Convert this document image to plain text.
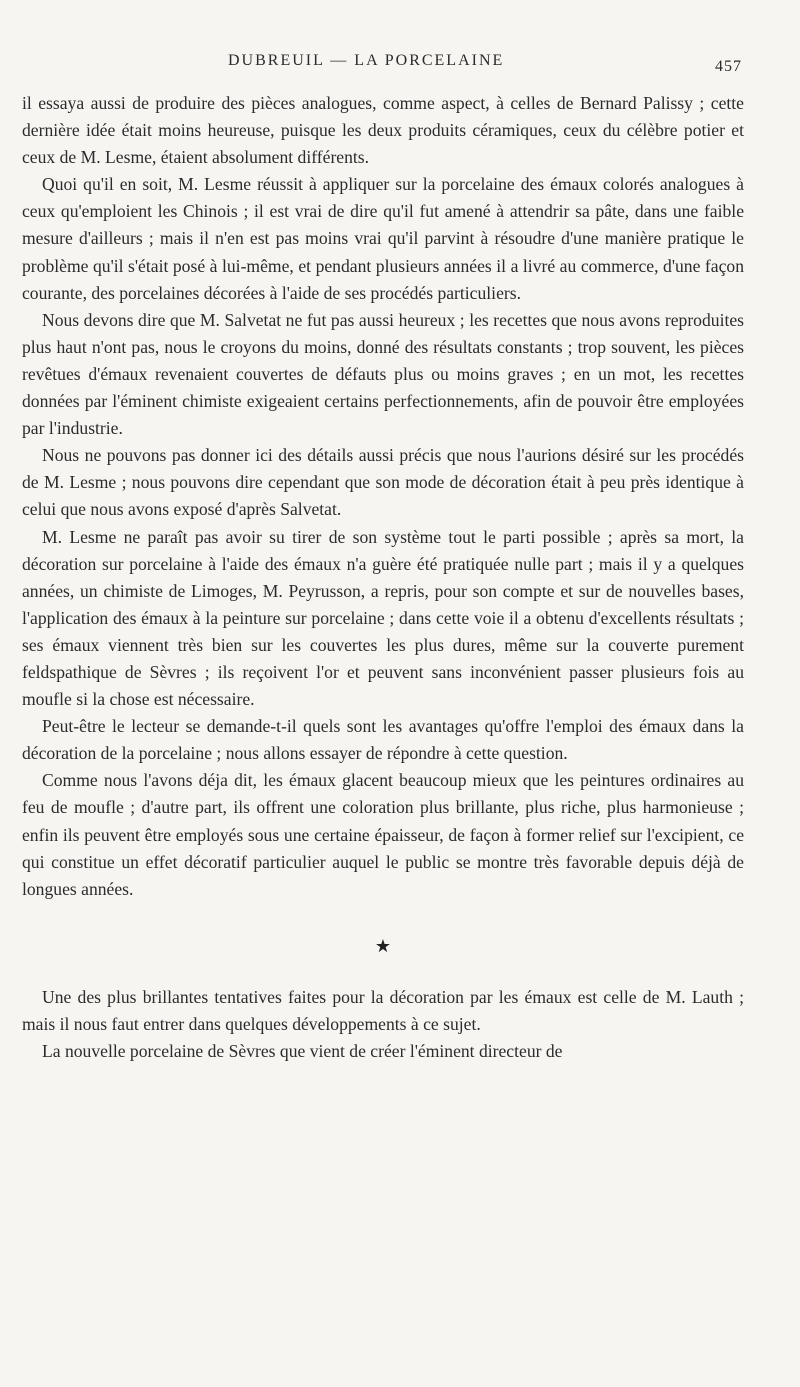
DUBREUIL — LA PORCELAINE	457

il essaya aussi de produire des pièces analogues, comme aspect, à celles de Bernard Palissy ; cette dernière idée était moins heureuse, puisque les deux produits céramiques, ceux du célèbre potier et ceux de M. Lesme, étaient absolument différents.

Quoi qu'il en soit, M. Lesme réussit à appliquer sur la porcelaine des émaux colorés analogues à ceux qu'emploient les Chinois ; il est vrai de dire qu'il fut amené à attendrir sa pâte, dans une faible mesure d'ailleurs ; mais il n'en est pas moins vrai qu'il parvint à résoudre d'une manière pratique le problème qu'il s'était posé à lui-même, et pendant plusieurs années il a livré au commerce, d'une façon courante, des porcelaines décorées à l'aide de ses procédés particuliers.

Nous devons dire que M. Salvetat ne fut pas aussi heureux ; les recettes que nous avons reproduites plus haut n'ont pas, nous le croyons du moins, donné des résultats constants ; trop souvent, les pièces revêtues d'émaux revenaient couvertes de défauts plus ou moins graves ; en un mot, les recettes données par l'éminent chimiste exigeaient certains perfectionnements, afin de pouvoir être employées par l'industrie.

Nous ne pouvons pas donner ici des détails aussi précis que nous l'aurions désiré sur les procédés de M. Lesme ; nous pouvons dire cependant que son mode de décoration était à peu près identique à celui que nous avons exposé d'après Salvetat.

M. Lesme ne paraît pas avoir su tirer de son système tout le parti possible ; après sa mort, la décoration sur porcelaine à l'aide des émaux n'a guère été pratiquée nulle part ; mais il y a quelques années, un chimiste de Limoges, M. Peyrusson, a repris, pour son compte et sur de nouvelles bases, l'application des émaux à la peinture sur porcelaine ; dans cette voie il a obtenu d'excellents résultats ; ses émaux viennent très bien sur les couvertes les plus dures, même sur la couverte purement feldspathique de Sèvres ; ils reçoivent l'or et peuvent sans inconvénient passer plusieurs fois au moufle si la chose est nécessaire.

Peut-être le lecteur se demande-t-il quels sont les avantages qu'offre l'emploi des émaux dans la décoration de la porcelaine ; nous allons essayer de répondre à cette question.

Comme nous l'avons déja dit, les émaux glacent beaucoup mieux que les peintures ordinaires au feu de moufle ; d'autre part, ils offrent une coloration plus brillante, plus riche, plus harmonieuse ; enfin ils peuvent être employés sous une certaine épaisseur, de façon à former relief sur l'excipient, ce qui constitue un effet décoratif particulier auquel le public se montre très favorable depuis déjà de longues années.

★

Une des plus brillantes tentatives faites pour la décoration par les émaux est celle de M. Lauth ; mais il nous faut entrer dans quelques développements à ce sujet.

La nouvelle porcelaine de Sèvres que vient de créer l'éminent directeur de
